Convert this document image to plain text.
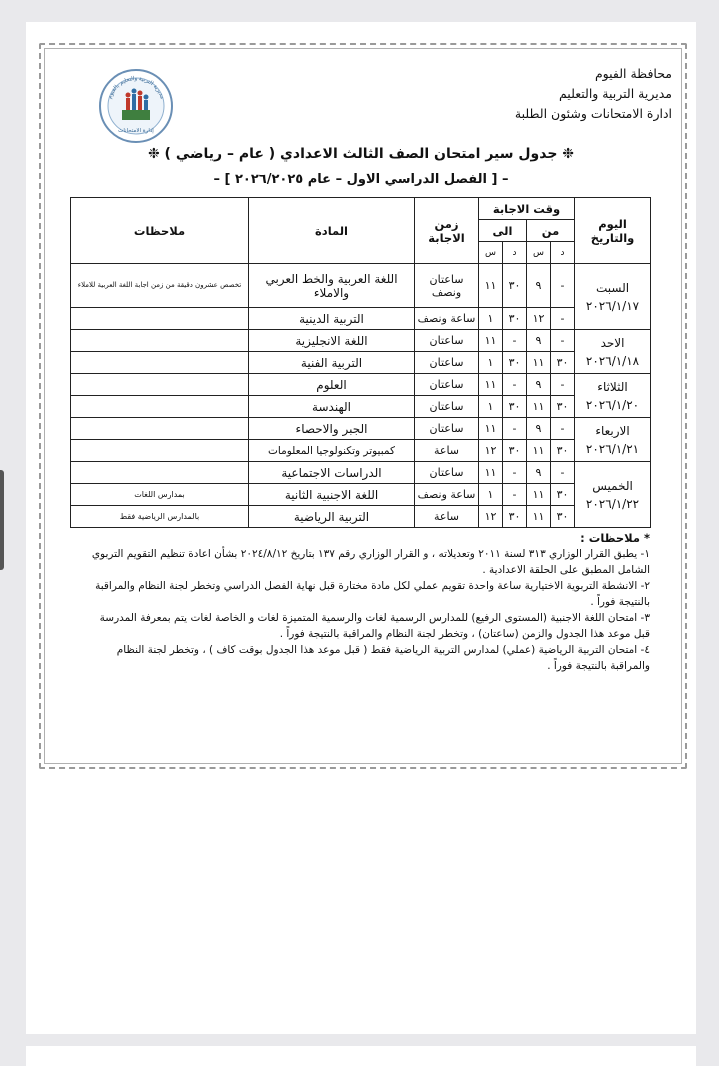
محافظة الفيوم
مديرية التربية والتعليم
ادارة الامتحانات وشئون الطلبة
مديرية التربية والتعليم بالفيوم
إدارة الامتحانات
❉ جدول سير امتحان الصف الثالث الاعدادي ( عام – رياضي ) ❉
– [ الفصل الدراسي الاول – عام ٢٠٢٦/٢٠٢٥ ] –
اليوم والتاريخ	وقت الاجابة				زمن الاجابة	المادة	ملاحظات
	من		الى				
	د	س	د	س			

السبت
٢٠٢٦/١/١٧	-	٩	٣٠	١١	ساعتان ونصف	اللغة العربية والخط العربي والاملاء	تخصص عشرون دقيقة من زمن اجابة اللغة العربية للاملاء
	-	١٢	٣٠	١	ساعة ونصف	التربية الدينية	

الاحد
٢٠٢٦/١/١٨	-	٩	-	١١	ساعتان	اللغة الانجليزية	
	٣٠	١١	٣٠	١	ساعتان	التربية الفنية	

الثلاثاء
٢٠٢٦/١/٢٠	-	٩	-	١١	ساعتان	العلوم	
	٣٠	١١	٣٠	١	ساعتان	الهندسة	

الاربعاء
٢٠٢٦/١/٢١	-	٩	-	١١	ساعتان	الجبر والاحصاء	
	٣٠	١١	٣٠	١٢	ساعة	كمبيوتر وتكنولوجيا المعلومات	

الخميس
٢٠٢٦/١/٢٢	-	٩	-	١١	ساعتان	الدراسات الاجتماعية	
	٣٠	١١	-	١	ساعة ونصف	اللغة الاجنبية الثانية	بمدارس اللغات
	٣٠	١١	٣٠	١٢	ساعة	التربية الرياضية	بالمدارس الرياضية فقط

* ملاحظات :

١- يطبق القرار الوزاري ٣١٣ لسنة ٢٠١١ وتعديلاته ، و القرار الوزاري رقم ١٣٧ بتاريخ ٢٠٢٤/٨/١٢ بشأن اعادة تنظيم التقويم التربوي الشامل المطبق على الحلقة الاعدادية .

٢- الانشطة التربوية الاختيارية ساعة واحدة تقويم عملي لكل مادة مختارة قبل نهاية الفصل الدراسي وتخطر لجنة النظام والمراقبة بالنتيجة فوراً .

٣- امتحان اللغة الاجنبية (المستوى الرفيع) للمدارس الرسمية لغات والرسمية المتميزة لغات و الخاصة لغات يتم بمعرفة المدرسة قبل موعد هذا الجدول والزمن (ساعتان) ، وتخطر لجنة النظام والمراقبة بالنتيجة فوراً .

٤- امتحان التربية الرياضية (عملي) لمدارس التربية الرياضية فقط ( قبل موعد هذا الجدول بوقت كاف ) ، وتخطر لجنة النظام والمراقبة بالنتيجة فوراً .
